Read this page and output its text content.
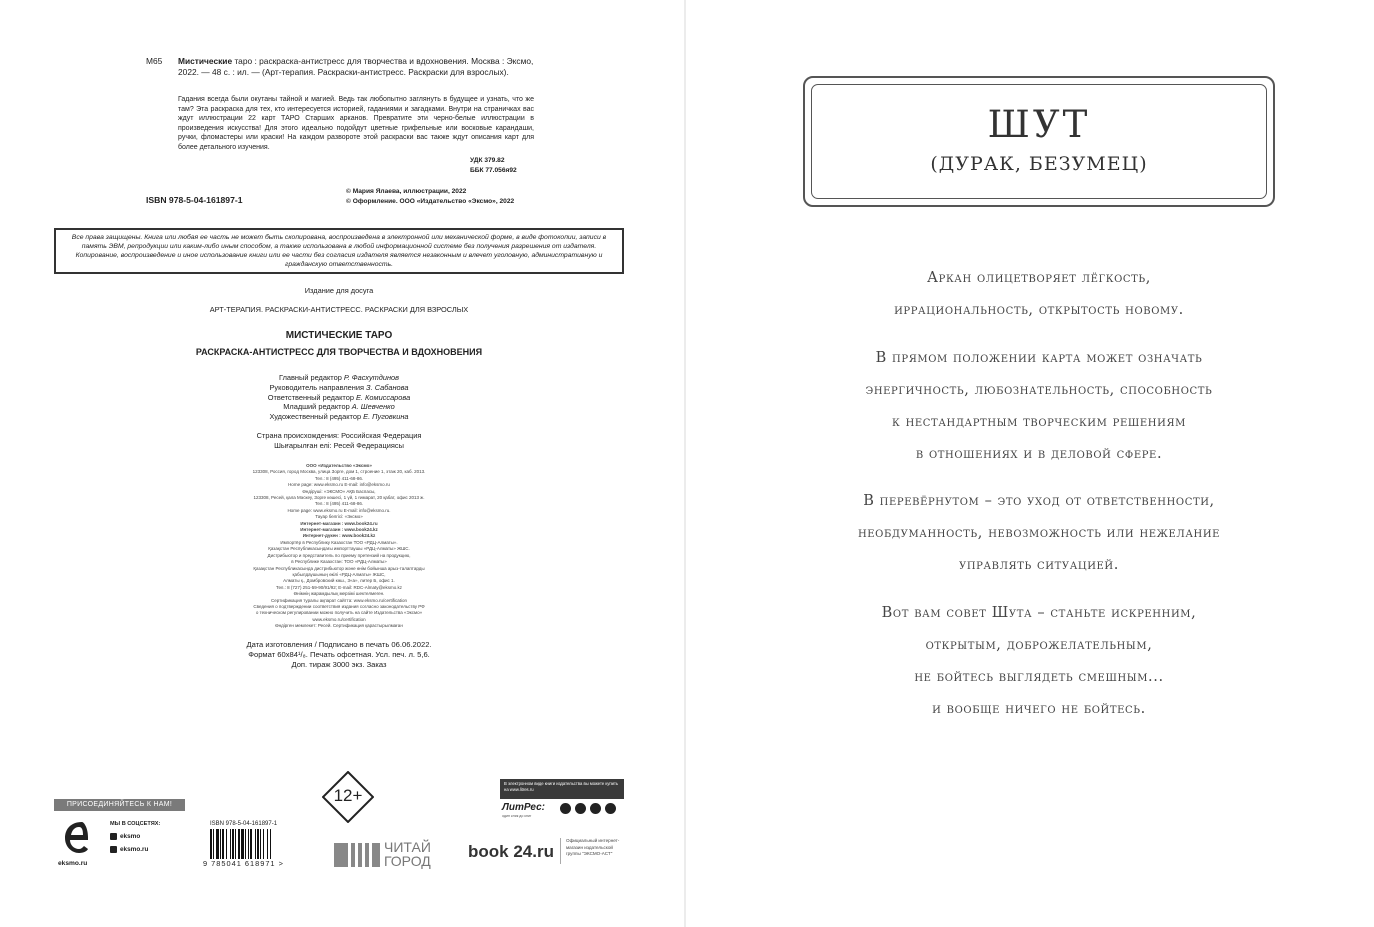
М65	Мистические таро : раскраска-антистресс для творчества и вдохновения. Москва : Эксмо, 2022. — 48 с. : ил. — (Арт-терапия. Раскраски-антистресс. Раскраски для взрослых).
Гадания всегда были окутаны тайной и магией. Ведь так любопытно заглянуть в будущее и узнать, что же там? Эта раскраска для тех, кто интересуется историей, гаданиями и загадками. Внутри на страничках вас ждут иллюстрации 22 карт ТАРО Старших арканов. Превратите эти черно-белые иллюстрации в произведения искусства! Для этого идеально подойдут цветные грифельные или восковые карандаши, ручки, фломастеры или краски! На каждом развороте этой раскраски вас также ждут описания карт для более детального изучения.
УДК 379.82
ББК 77.056я92
ISBN 978-5-04-161897-1
© Мария Ялаева, иллюстрации, 2022
© Оформление. ООО «Издательство «Эксмо», 2022
Все права защищены. Книга или любая ее часть не может быть скопирована, воспроизведена в электронной или механической форме, в виде фотокопии, записи в память ЭВМ, репродукции или каким-либо иным способом, а также использована в любой информационной системе без получения разрешения от издателя. Копирование, воспроизведение и иное использование книги или ее части без согласия издателя является незаконным и влечет уголовную, административную и гражданскую ответственность.
Издание для досуга
АРТ-ТЕРАПИЯ. РАСКРАСКИ-АНТИСТРЕСС. РАСКРАСКИ ДЛЯ ВЗРОСЛЫХ
МИСТИЧЕСКИЕ ТАРО
РАСКРАСКА-АНТИСТРЕСС ДЛЯ ТВОРЧЕСТВА И ВДОХНОВЕНИЯ
Главный редактор Р. Фасхутдинов
Руководитель направления З. Сабанова
Ответственный редактор Е. Комиссарова
Младший редактор А. Шевченко
Художественный редактор Е. Пуговкина
Страна происхождения: Российская Федерация
Шығарылған елі: Ресей Федерациясы
ООО «Издательство «Эксмо»
123308, Россия, город Москва, улица Зорге, дом 1, строение 1, этаж 20, каб. 2013.
Тел.: 8 (495) 411-68-86.
Home page: www.eksmo.ru E-mail: info@eksmo.ru
Өндіруші: «ЭКСМО» АҚБ Баспасы,
123308, Ресей, қала Мәскеу, Зорге көшесі, 1 үй, 1 ғимарат, 20 қабат, офис 2013 ж.
Тел.: 8 (495) 411-68-86.
Home page: www.eksmo.ru E-mail: info@eksmo.ru.
Тауар белгісі: «Эксмо»
Интернет-магазин : www.book24.ru
Интернет-магазин : www.book24.kz
Интернет-дүкен : www.book24.kz
Импортёр в Республику Казахстан ТОО «РДЦ-Алматы».
Қазақстан Республикасындағы импорттаушы «РДЦ-Алматы» ЖШС.
Дистрибьютор и представитель по приему претензий на продукцию,
в Республике Казахстан: ТОО «РДЦ-Алматы»
Қазақстан Республикасында дистрибьютор және өнім бойынша арыз-талаптарды
қабылдаушының өкілі «РДЦ-Алматы» ЖШС,
Алматы қ., Домбровский көш., 3«а», литер Б, офис 1.
Тел.: 8 (727) 251-59-90/91/92; E-mail: RDC-Almaty@eksmo.kz
Өнімнің жарамдылық мерзімі шектелмеген.
Сертификация туралы ақпарат сайтта: www.eksmo.ru/certification
Сведения о подтверждении соответствия издания согласно законодательству РФ
о техническом регулировании можно получить на сайте Издательства «Эксмо»
www.eksmo.ru/certification
Өндірген мемлекет: Ресей. Сертификация қарастырылмаған
Дата изготовления / Подписано в печать 06.06.2022.
Формат 60x84¹/₈. Печать офсетная. Усл. печ. л. 5,6.
Доп. тираж 3000 экз. Заказ
ПРИСОЕДИНЯЙТЕСЬ К НАМ!
eksmo.ru
МЫ В СОЦСЕТЯХ:
eksmo
eksmo.ru
ISBN 978-5-04-161897-1
9 785041 618971 >
12+
ЧИТАЙ
ГОРОД book 24.ru
Официальный интернет-магазин издательской группы "ЭКСМО-АСТ"
В электронном виде книги издательства вы можете купить на www.litres.ru
ЛитРес:
один клик до книг
ШУТ
(ДУРАК, БЕЗУМЕЦ)
Аркан олицетворяет лёгкость,
иррациональность, открытость новому.
В прямом положении карта может означать
энергичность, любознательность, способность
к нестандартным творческим решениям
в отношениях и в деловой сфере.
В перевёрнутом – это уход от ответственности,
необдуманность, невозможность или нежелание
управлять ситуацией.
Вот вам совет Шута – станьте искренним,
открытым, доброжелательным,
не бойтесь выглядеть смешным...
и вообще ничего не бойтесь.
